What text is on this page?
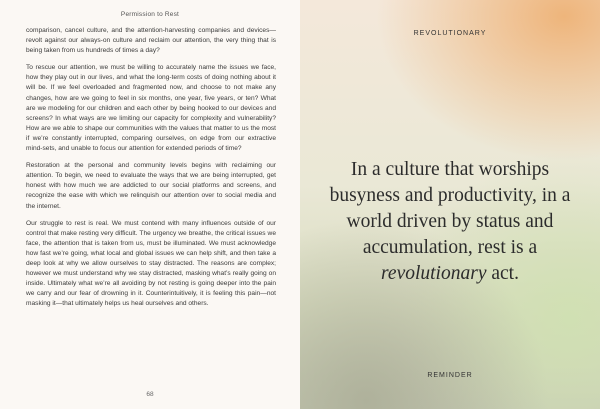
Permission to Rest

comparison, cancel culture, and the attention-harvesting companies and devices—revolt against our always-on culture and reclaim our attention, the very thing that is being taken from us hundreds of times a day?

To rescue our attention, we must be willing to accurately name the issues we face, how they play out in our lives, and what the long-term costs of doing nothing about it will be. If we feel overloaded and fragmented now, and choose to not make any changes, how are we going to feel in six months, one year, five years, or ten? What are we modeling for our children and each other by being hooked to our devices and screens? In what ways are we limiting our capacity for complexity and vulnerability? How are we able to shape our communities with the values that matter to us the most if we’re constantly interrupted, comparing ourselves, on edge from our extractive mind-sets, and unable to focus our attention for extended periods of time?

Restoration at the personal and community levels begins with reclaiming our attention. To begin, we need to evaluate the ways that we are being interrupted, get honest with how much we are addicted to our social platforms and screens, and recognize the ease with which we relinquish our attention over to social media and the internet.

Our struggle to rest is real. We must contend with many influences outside of our control that make resting very difficult. The urgency we breathe, the critical issues we face, the attention that is taken from us, must be illuminated. We must acknowledge how fast we’re going, what local and global issues we can help shift, and then take a deep look at why we allow ourselves to stay distracted. The reasons are complex; however we must understand why we stay distracted, masking what’s really going on inside. Ultimately what we’re all avoiding by not resting is going deeper into the pain we carry and our fear of drowning in it. Counterintuitively, it is feeling this pain—not masking it—that ultimately helps us heal ourselves and others.

68
REVOLUTIONARY
In a culture that worships busyness and productivity, in a world driven by status and accumulation, rest is a revolutionary act.
REMINDER
